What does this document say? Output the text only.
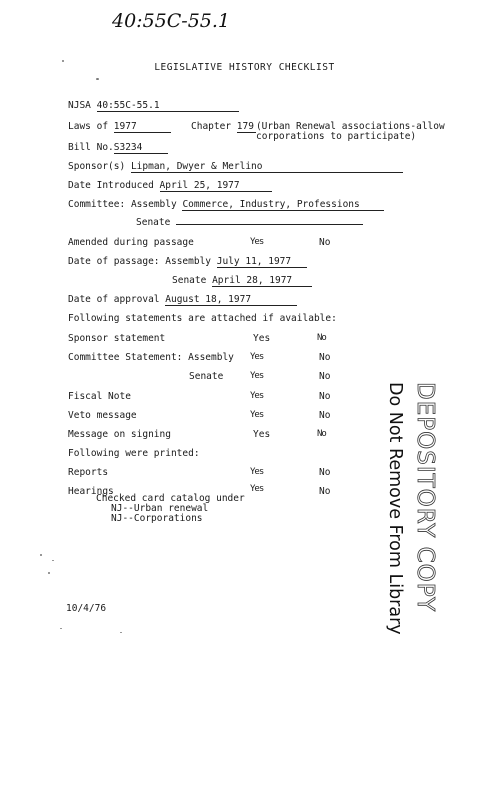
40:55C-55.1
LEGISLATIVE HISTORY CHECKLIST
NJSA 40:55C-55.1
Laws of 1977	Chapter 179 (Urban Renewal associations-allow
corporations to participate)
Bill No.S3234
Sponsor(s) Lipman, Dwyer & Merlino
Date Introduced April 25, 1977
Committee: Assembly Commerce, Industry, Professions
Senate
Amended during passage	Yes	No
Date of passage: Assembly July 11, 1977
Senate April 28, 1977
Date of approval August 18, 1977
Following statements are attached if available:
Sponsor statement	Yes	No
Committee Statement: Assembly Yes	No
Senate	Yes	No
Fiscal Note	Yes	No
Veto message	Yes	No
Message on signing	Yes	No
Following were printed:
Reports	Yes	No
Hearings	Yes	No
Checked card catalog under
NJ--Urban renewal
NJ--Corporations
10/4/76	Do Not Remove From Library DEPOSITORY COPY
